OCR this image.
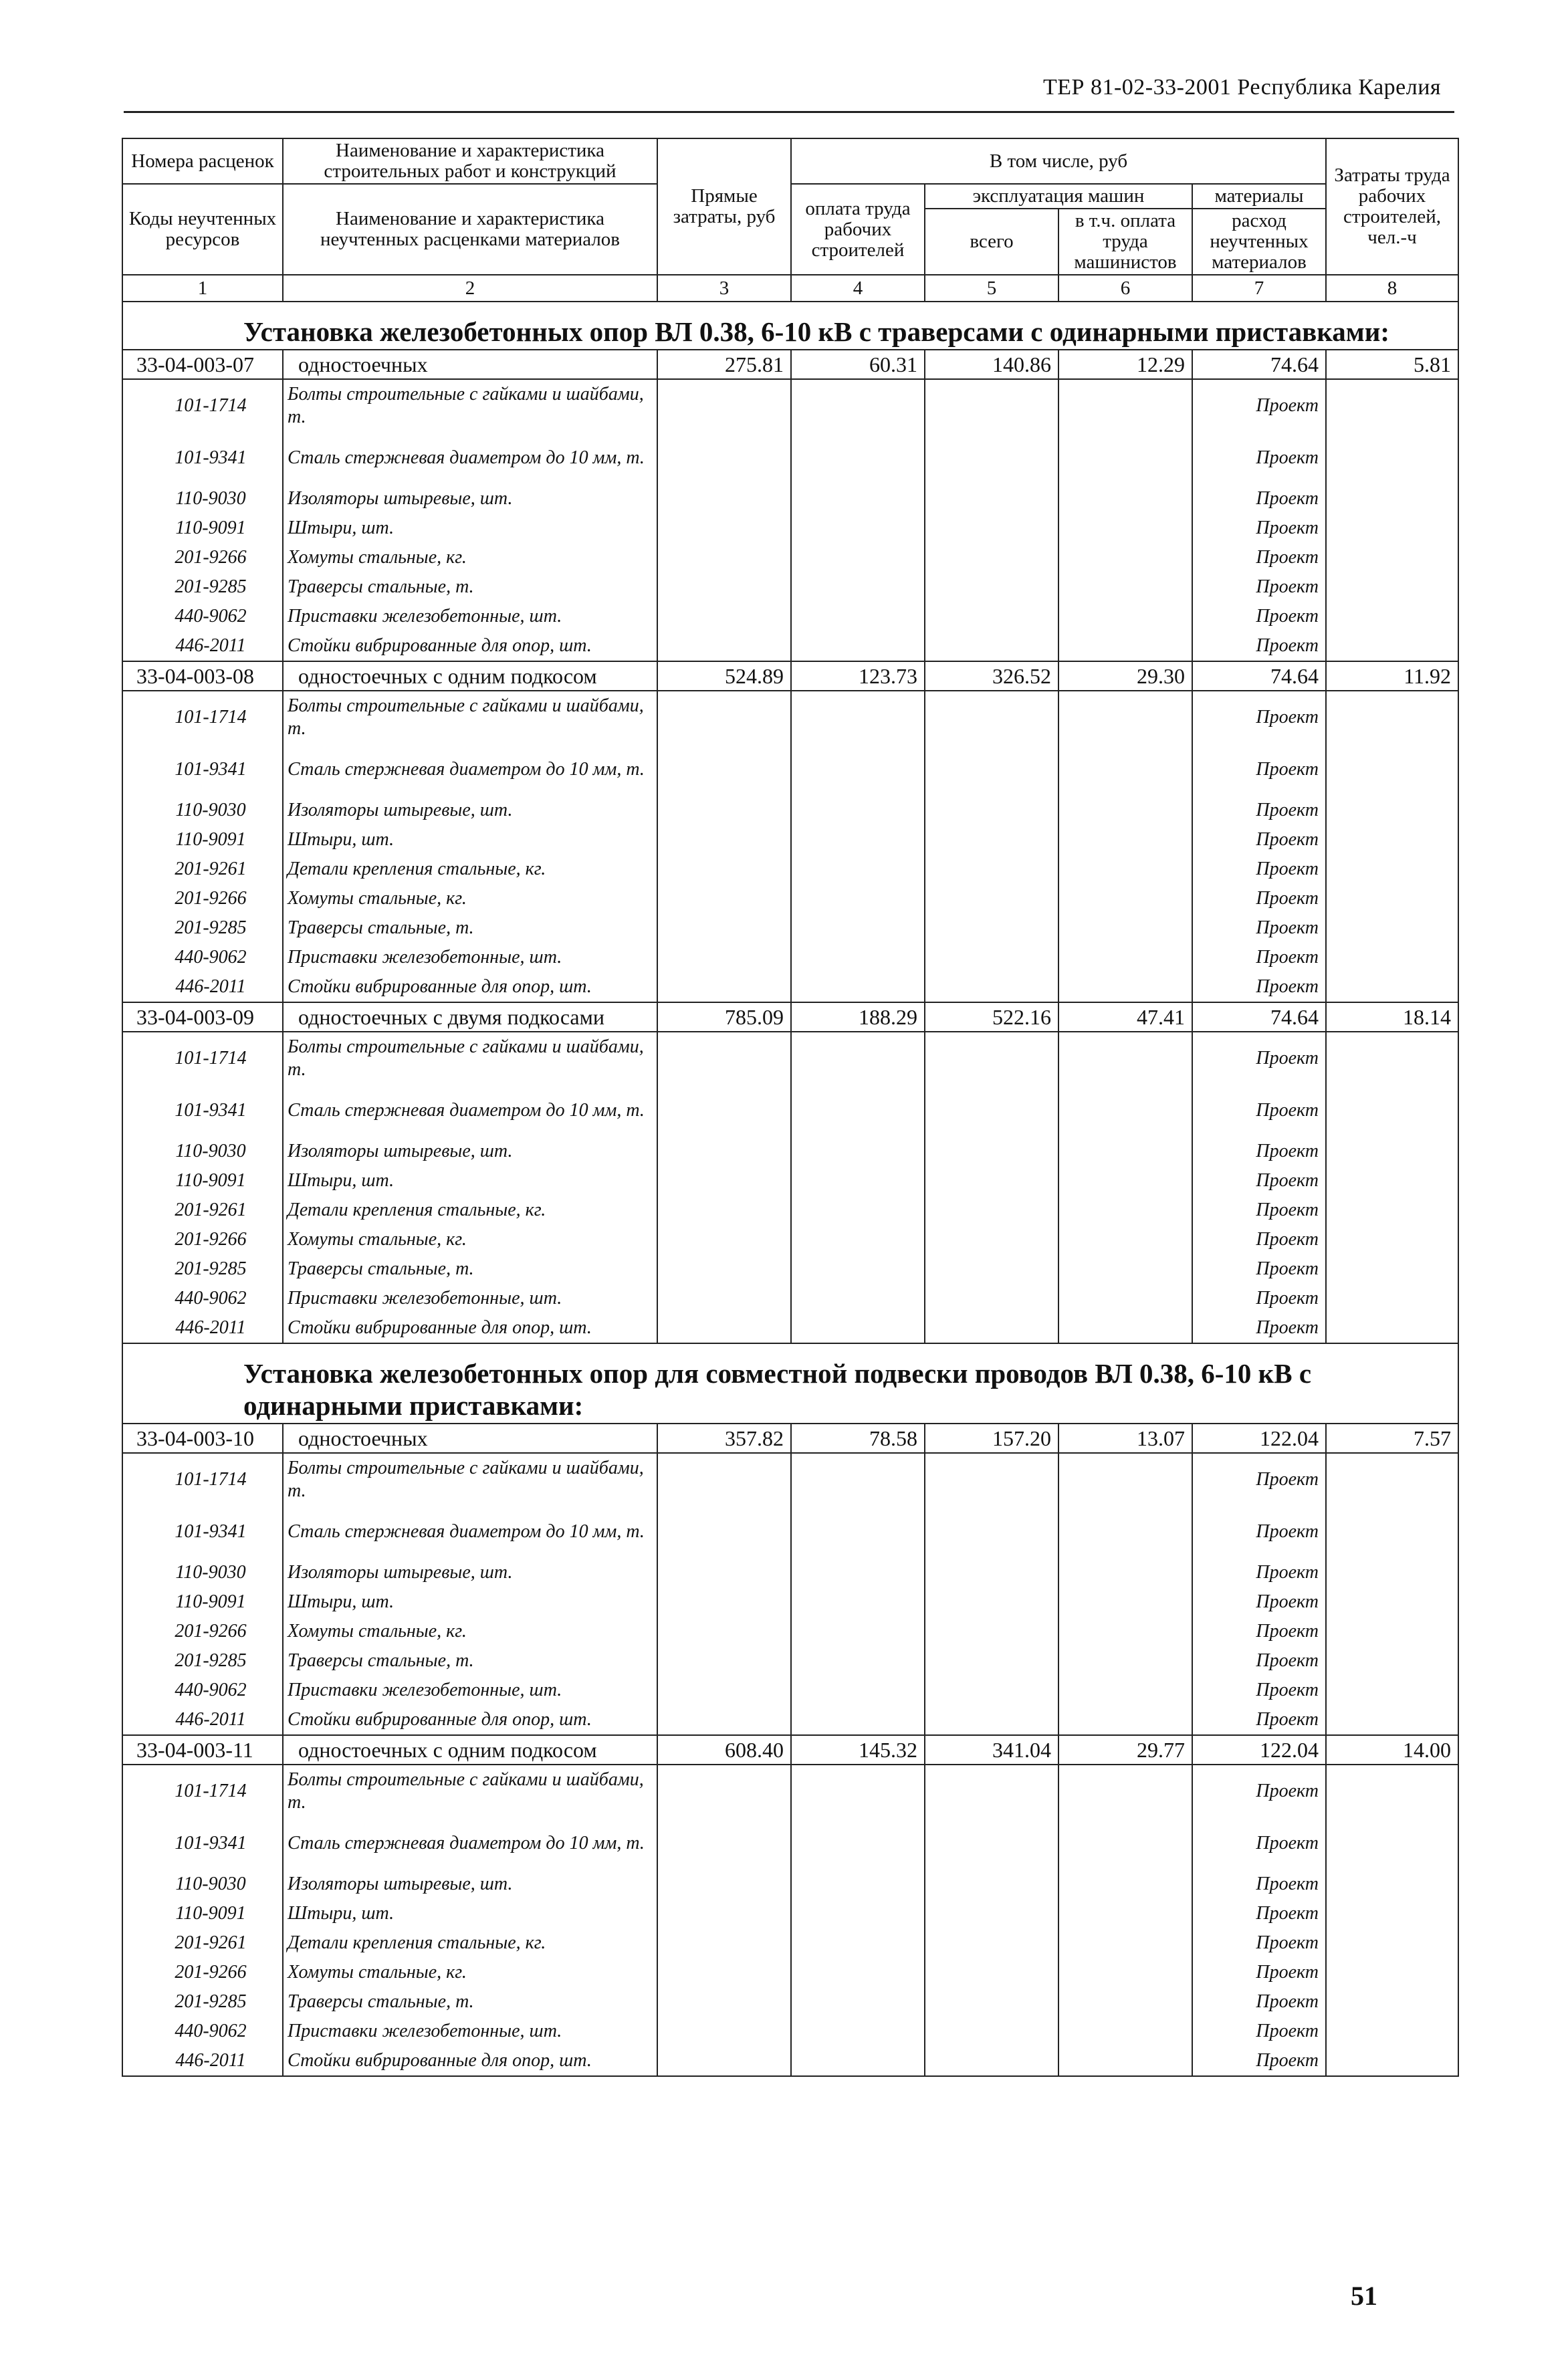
ТЕР 81-02-33-2001 Республика Карелия
Номера расценок	Наименование и характеристика строительных работ и конструкций	Прямые затраты, руб	В том числе, руб				Затраты труда рабочих строителей, чел.-ч
Коды неучтенных ресурсов	Наименование и характеристика неучтенных расценками материалов		оплата труда рабочих строителей	эксплуатация машин		материалы	
				всего	в т.ч. оплата труда машинистов	расход неучтенных материалов	
1	2	3	4	5	6	7	8
Установка железобетонных опор ВЛ 0.38, 6-10 кВ с траверсами с одинарными приставками:							
33-04-003-07	одностоечных	275.81	60.31	140.86	12.29	74.64	5.81
101-1714	Болты строительные с гайками и шайбами, т.					Проект	
101-9341	Сталь стержневая диаметром до 10 мм, т.					Проект	
110-9030	Изоляторы штыревые, шт.					Проект	
110-9091	Штыри, шт.					Проект	
201-9266	Хомуты стальные, кг.					Проект	
201-9285	Траверсы стальные, т.					Проект	
440-9062	Приставки железобетонные, шт.					Проект	
446-2011	Стойки вибрированные для опор, шт.					Проект	
33-04-003-08	одностоечных с одним подкосом	524.89	123.73	326.52	29.30	74.64	11.92
101-1714	Болты строительные с гайками и шайбами, т.					Проект	
101-9341	Сталь стержневая диаметром до 10 мм, т.					Проект	
110-9030	Изоляторы штыревые, шт.					Проект	
110-9091	Штыри, шт.					Проект	
201-9261	Детали крепления стальные, кг.					Проект	
201-9266	Хомуты стальные, кг.					Проект	
201-9285	Траверсы стальные, т.					Проект	
440-9062	Приставки железобетонные, шт.					Проект	
446-2011	Стойки вибрированные для опор, шт.					Проект	
33-04-003-09	одностоечных с двумя подкосами	785.09	188.29	522.16	47.41	74.64	18.14
101-1714	Болты строительные с гайками и шайбами, т.					Проект	
101-9341	Сталь стержневая диаметром до 10 мм, т.					Проект	
110-9030	Изоляторы штыревые, шт.					Проект	
110-9091	Штыри, шт.					Проект	
201-9261	Детали крепления стальные, кг.					Проект	
201-9266	Хомуты стальные, кг.					Проект	
201-9285	Траверсы стальные, т.					Проект	
440-9062	Приставки железобетонные, шт.					Проект	
446-2011	Стойки вибрированные для опор, шт.					Проект	
Установка железобетонных опор для совместной подвески проводов ВЛ 0.38, 6-10 кВ с одинарными приставками:							
33-04-003-10	одностоечных	357.82	78.58	157.20	13.07	122.04	7.57
101-1714	Болты строительные с гайками и шайбами, т.					Проект	
101-9341	Сталь стержневая диаметром до 10 мм, т.					Проект	
110-9030	Изоляторы штыревые, шт.					Проект	
110-9091	Штыри, шт.					Проект	
201-9266	Хомуты стальные, кг.					Проект	
201-9285	Траверсы стальные, т.					Проект	
440-9062	Приставки железобетонные, шт.					Проект	
446-2011	Стойки вибрированные для опор, шт.					Проект	
33-04-003-11	одностоечных с одним подкосом	608.40	145.32	341.04	29.77	122.04	14.00
101-1714	Болты строительные с гайками и шайбами, т.					Проект	
101-9341	Сталь стержневая диаметром до 10 мм, т.					Проект	
110-9030	Изоляторы штыревые, шт.					Проект	
110-9091	Штыри, шт.					Проект	
201-9261	Детали крепления стальные, кг.					Проект	
201-9266	Хомуты стальные, кг.					Проект	
201-9285	Траверсы стальные, т.					Проект	
440-9062	Приставки железобетонные, шт.					Проект	
446-2011	Стойки вибрированные для опор, шт.					Проект	
51
